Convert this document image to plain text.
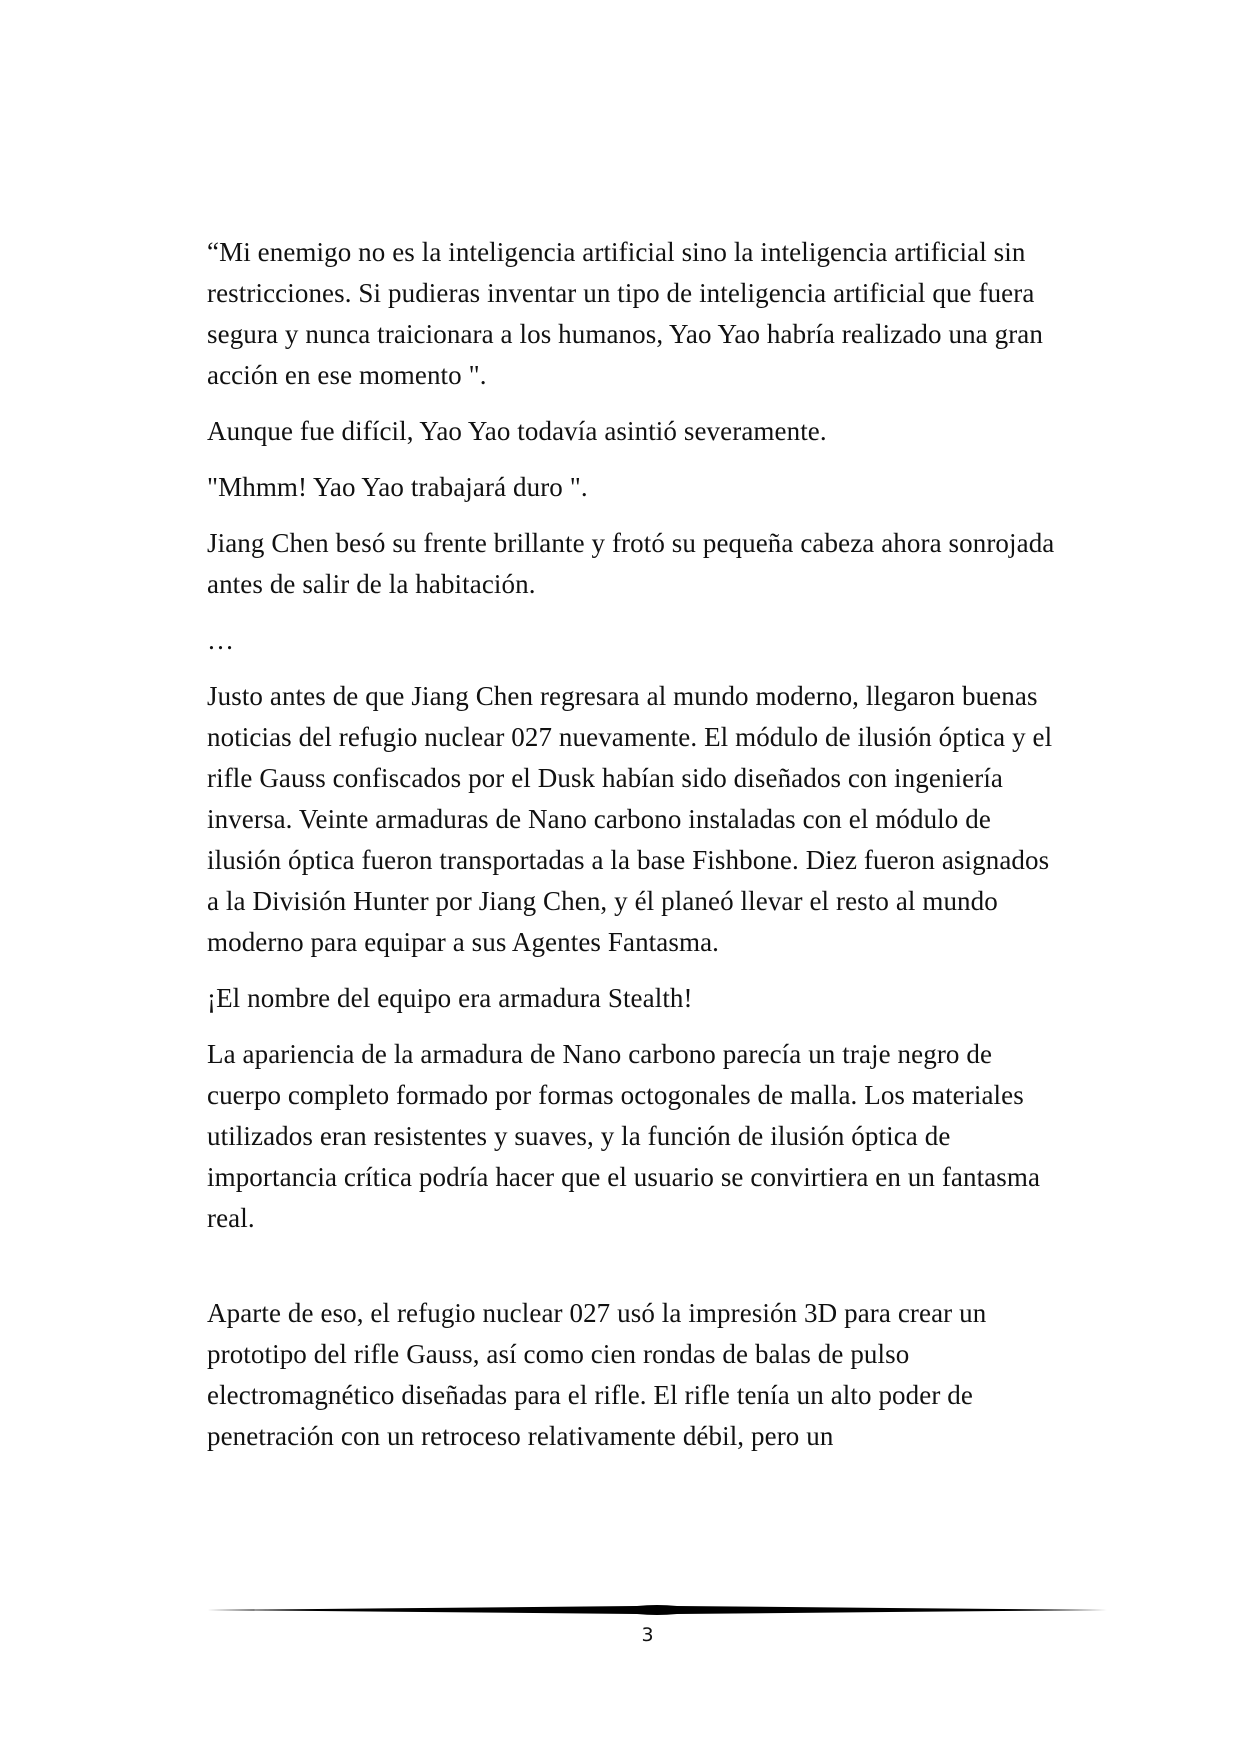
“Mi enemigo no es la inteligencia artificial sino la inteligencia artificial sin restricciones. Si pudieras inventar un tipo de inteligencia artificial que fuera segura y nunca traicionara a los humanos, Yao Yao habría realizado una gran acción en ese momento ".

Aunque fue difícil, Yao Yao todavía asintió severamente.

"Mhmm! Yao Yao trabajará duro ".

Jiang Chen besó su frente brillante y frotó su pequeña cabeza ahora sonrojada antes de salir de la habitación.

…

Justo antes de que Jiang Chen regresara al mundo moderno, llegaron buenas noticias del refugio nuclear 027 nuevamente. El módulo de ilusión óptica y el rifle Gauss confiscados por el Dusk habían sido diseñados con ingeniería inversa. Veinte armaduras de Nano carbono instaladas con el módulo de ilusión óptica fueron transportadas a la base Fishbone. Diez fueron asignados a la División Hunter por Jiang Chen, y él planeó llevar el resto al mundo moderno para equipar a sus Agentes Fantasma.

¡El nombre del equipo era armadura Stealth!

La apariencia de la armadura de Nano carbono parecía un traje negro de cuerpo completo formado por formas octogonales de malla. Los materiales utilizados eran resistentes y suaves, y la función de ilusión óptica de importancia crítica podría hacer que el usuario se convirtiera en un fantasma real.

Aparte de eso, el refugio nuclear 027 usó la impresión 3D para crear un prototipo del rifle Gauss, así como cien rondas de balas de pulso electromagnético diseñadas para el rifle. El rifle tenía un alto poder de penetración con un retroceso relativamente débil, pero un

3
